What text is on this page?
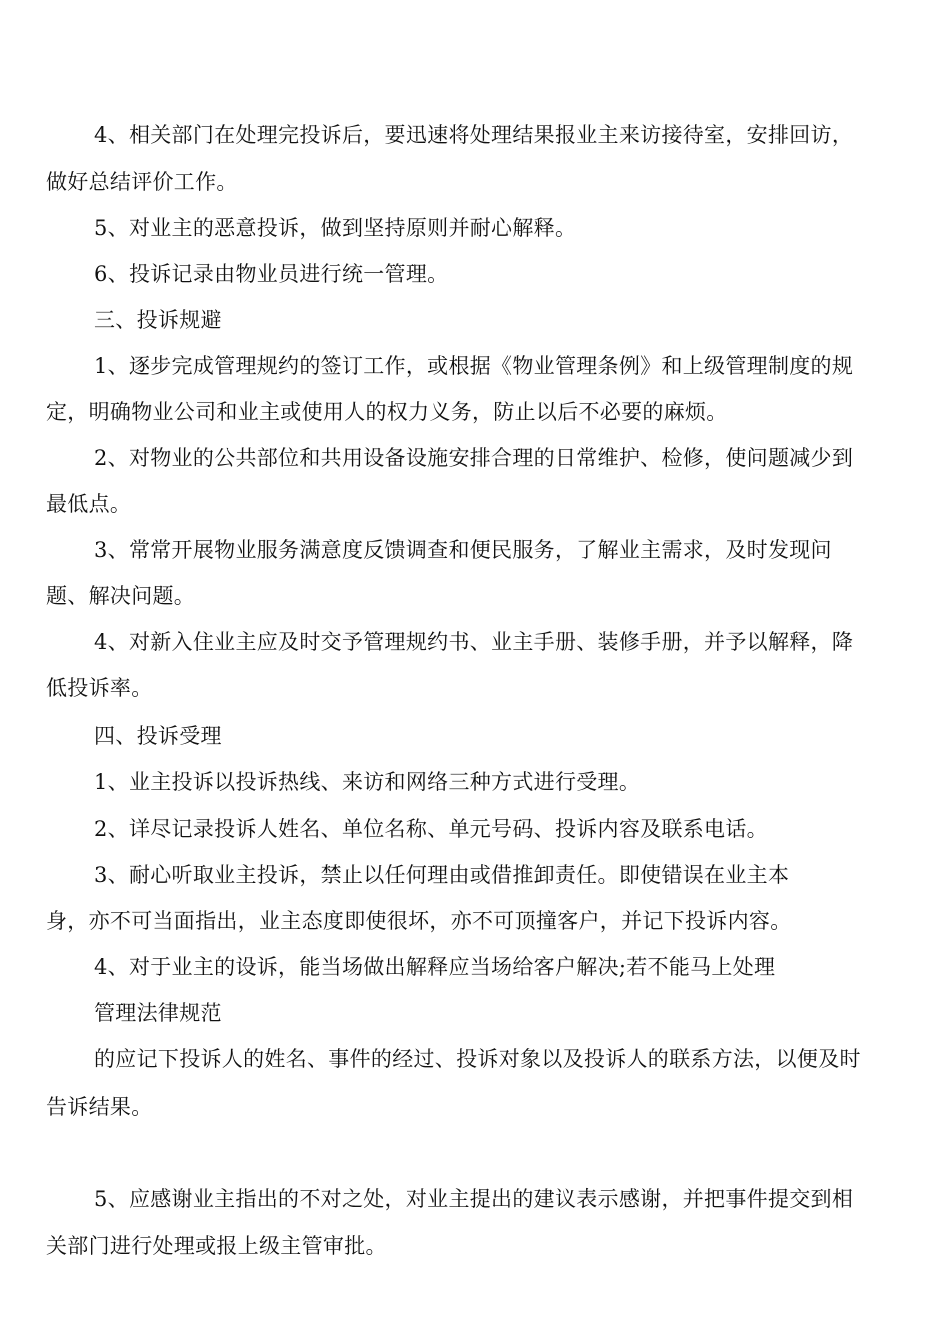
4、相关部门在处理完投诉后，要迅速将处理结果报业主来访接待室，安排回访，
做好总结评价工作。
5、对业主的恶意投诉，做到坚持原则并耐心解释。
6、投诉记录由物业员进行统一管理。
三、投诉规避
1、逐步完成管理规约的签订工作，或根据《物业管理条例》和上级管理制度的规
定，明确物业公司和业主或使用人的权力义务，防止以后不必要的麻烦。
2、对物业的公共部位和共用设备设施安排合理的日常维护、检修，使问题减少到
最低点。
3、常常开展物业服务满意度反馈调查和便民服务，了解业主需求，及时发现问
题、解决问题。
4、对新入住业主应及时交予管理规约书、业主手册、装修手册，并予以解释，降
低投诉率。
四、投诉受理
1、业主投诉以投诉热线、来访和网络三种方式进行受理。
2、详尽记录投诉人姓名、单位名称、单元号码、投诉内容及联系电话。
3、耐心听取业主投诉，禁止以任何理由或借推卸责任。即使错误在业主本
身，亦不可当面指出，业主态度即使很坏，亦不可顶撞客户，并记下投诉内容。
4、对于业主的设诉，能当场做出解释应当场给客户解决;若不能马上处理
管理法律规范
的应记下投诉人的姓名、事件的经过、投诉对象以及投诉人的联系方法，以便及时
告诉结果。
5、应感谢业主指出的不对之处，对业主提出的建议表示感谢，并把事件提交到相
关部门进行处理或报上级主管审批。
